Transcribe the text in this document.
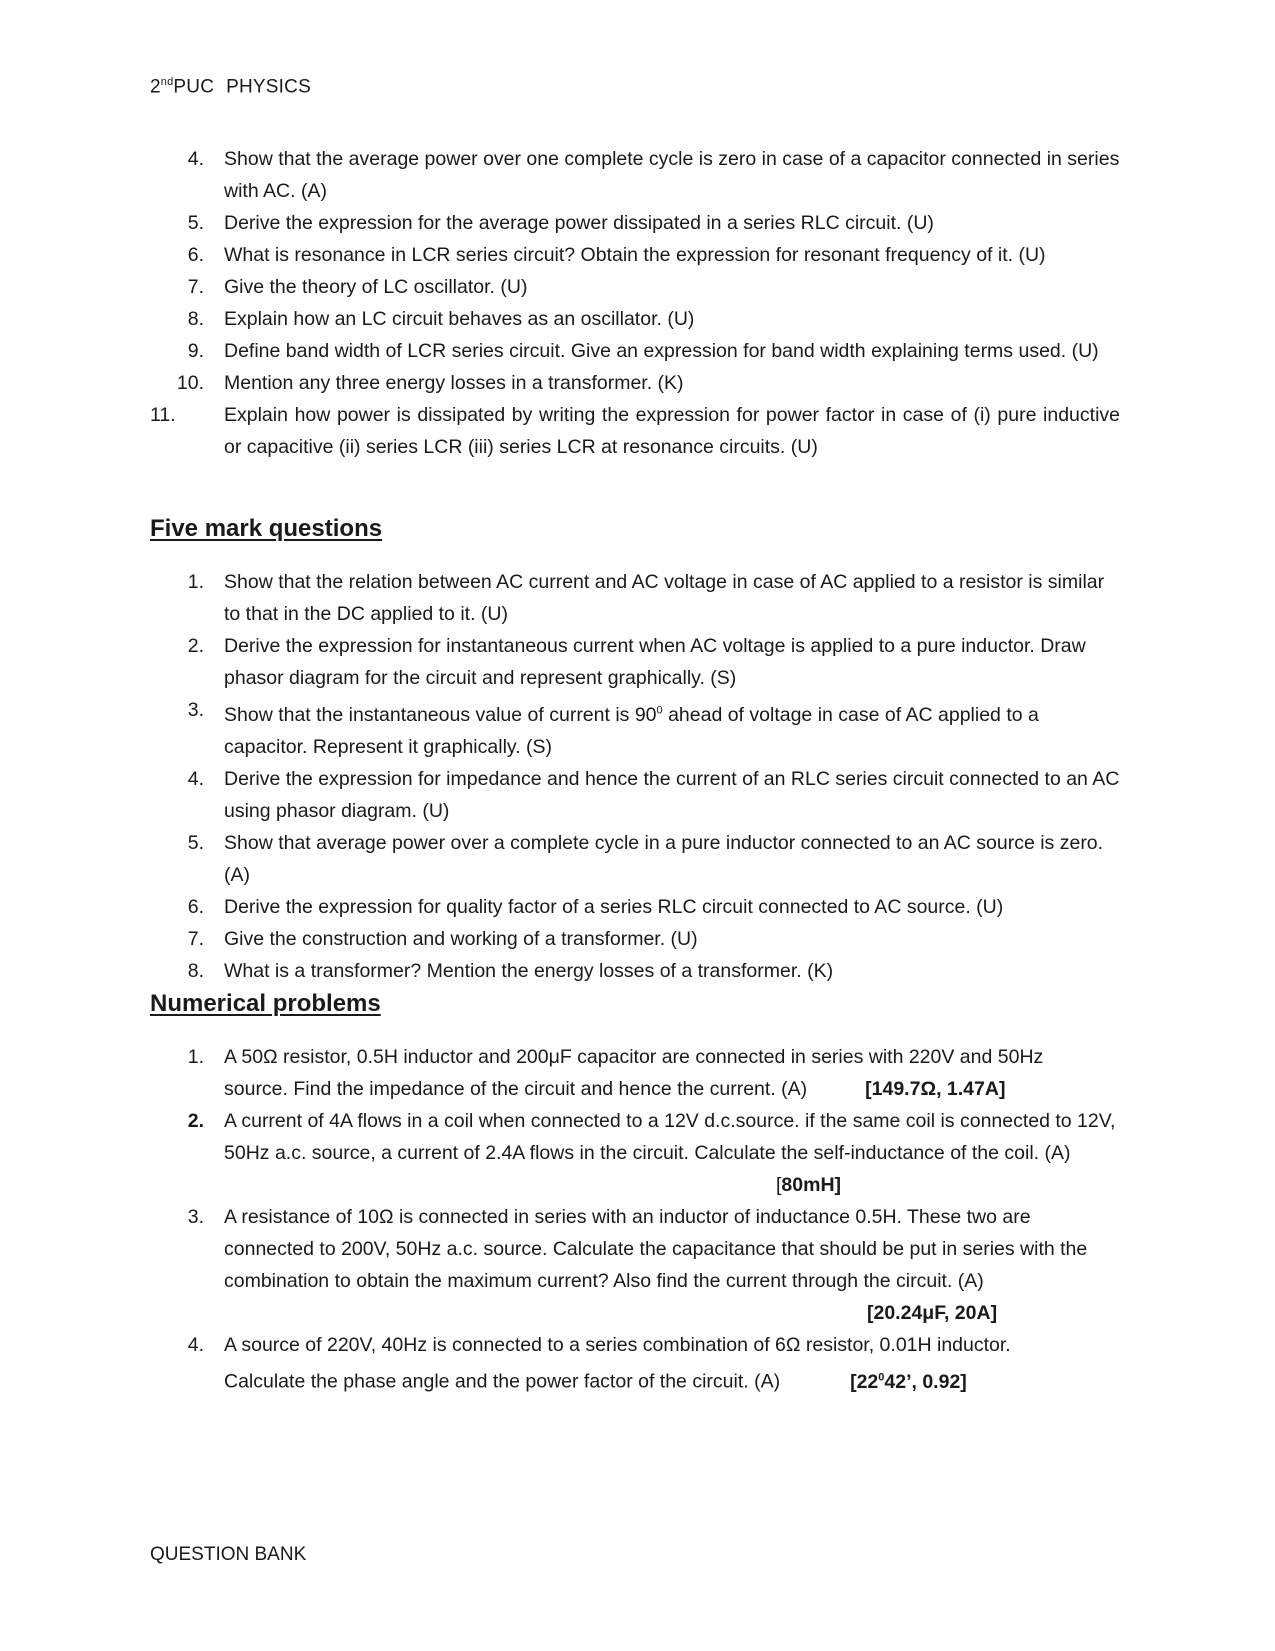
2ndPUC PHYSICS
4. Show that the average power over one complete cycle is zero in case of a capacitor connected in series with AC. (A)
5. Derive the expression for the average power dissipated in a series RLC circuit. (U)
6. What is resonance in LCR series circuit? Obtain the expression for resonant frequency of it. (U)
7. Give the theory of LC oscillator. (U)
8. Explain how an LC circuit behaves as an oscillator. (U)
9. Define band width of LCR series circuit. Give an expression for band width explaining terms used. (U)
10. Mention any three energy losses in a transformer. (K)
11.	Explain how power is dissipated by writing the expression for power factor in case of (i) pure inductive or capacitive (ii) series LCR (iii) series LCR at resonance circuits. (U)
Five mark questions
1. Show that the relation between AC current and AC voltage in case of AC applied to a resistor is similar to that in the DC applied to it. (U)
2. Derive the expression for instantaneous current when AC voltage is applied to a pure inductor. Draw phasor diagram for the circuit and represent graphically. (S)
3. Show that the instantaneous value of current is $90^0$ ahead of voltage in case of AC applied to a capacitor. Represent it graphically. (S)
4. Derive the expression for impedance and hence the current of an RLC series circuit connected to an AC using phasor diagram. (U)
5. Show that average power over a complete cycle in a pure inductor connected to an AC source is zero. (A)
6. Derive the expression for quality factor of a series RLC circuit connected to AC source. (U)
7. Give the construction and working of a transformer. (U)
8. What is a transformer? Mention the energy losses of a transformer. (K)
Numerical problems
1. A 50Ω resistor, 0.5H inductor and 200μF capacitor are connected in series with 220V and 50Hz
source. Find the impedance of the circuit and hence the current. (A)	[149.7Ω, 1.47A]
2. A current of 4A flows in a coil when connected to a 12V d.c.source. if the same coil is connected to 12V, 50Hz a.c. source, a current of 2.4A flows in the circuit. Calculate the self-inductance of the coil. (A)[80mH]
3. A resistance of 10Ω is connected in series with an inductor of inductance 0.5H. These two are connected to 200V, 50Hz a.c. source. Calculate the capacitance that should be put in series with the combination to obtain the maximum current? Also find the current through the circuit. (A)
[20.24μF, 20A]
4. A source of 220V, 40Hz is connected to a series combination of 6Ω resistor, 0.01H inductor.
Calculate the phase angle and the power factor of the circuit. (A)	[$22^042$’, 0.92]
QUESTION BANK
